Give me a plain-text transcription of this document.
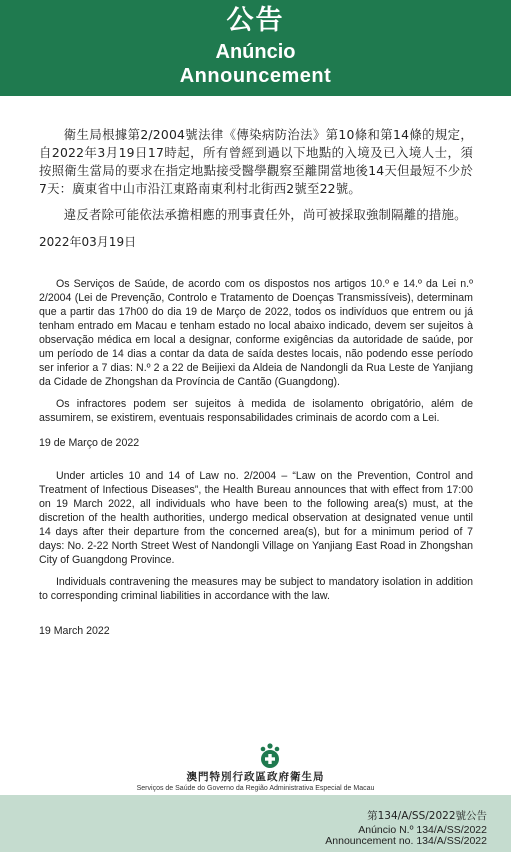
公告
Anúncio
Announcement

衛生局根據第2/2004號法律《傳染病防治法》第10條和第14條的規定，自2022年3月19日17時起，所有曾經到過以下地點的入境及已入境人士，須按照衛生當局的要求在指定地點接受醫學觀察至離開當地後14天但最短不少於7天：廣東省中山市沿江東路南東利村北街西2號至22號。

違反者除可能依法承擔相應的刑事責任外，尚可被採取強制隔離的措施。

2022年03月19日

Os Serviços de Saúde, de acordo com os dispostos nos artigos 10.º e 14.º da Lei n.º 2/2004 (Lei de Prevenção, Controlo e Tratamento de Doenças Transmissíveis), determinam que a partir das 17h00 do dia 19 de Março de 2022, todos os indivíduos que entrem ou já tenham entrado em Macau e tenham estado no local abaixo indicado, devem ser sujeitos à observação médica em local a designar, conforme exigências da autoridade de saúde, por um período de 14 dias a contar da data de saída destes locais, não podendo esse período ser inferior a 7 dias: N.º 2 a 22 de Beijiexi da Aldeia de Nandongli da Rua Leste de Yanjiang da Cidade de Zhongshan da Província de Cantão (Guangdong).

Os infractores podem ser sujeitos à medida de isolamento obrigatório, além de assumirem, se existirem, eventuais responsabilidades criminais de acordo com a Lei.

19 de Março de 2022

Under articles 10 and 14 of Law no. 2/2004 – “Law on the Prevention, Control and Treatment of Infectious Diseases”, the Health Bureau announces that with effect from 17:00 on 19 March 2022, all individuals who have been to the following area(s) must, at the discretion of the health authorities, undergo medical observation at designated venue until 14 days after their departure from the concerned area(s), but for a minimum period of 7 days: No. 2-22 North Street West of Nandongli Village on Yanjiang East Road in Zhongshan City of Guangdong Province.

Individuals contravening the measures may be subject to mandatory isolation in addition to corresponding criminal liabilities in accordance with the law.

19 March 2022

澳門特別行政區政府衛生局
Serviços de Saúde do Governo da Região Administrativa Especial de Macau
第134/A/SS/2022號公告
Anúncio N.º 134/A/SS/2022
Announcement no. 134/A/SS/2022
